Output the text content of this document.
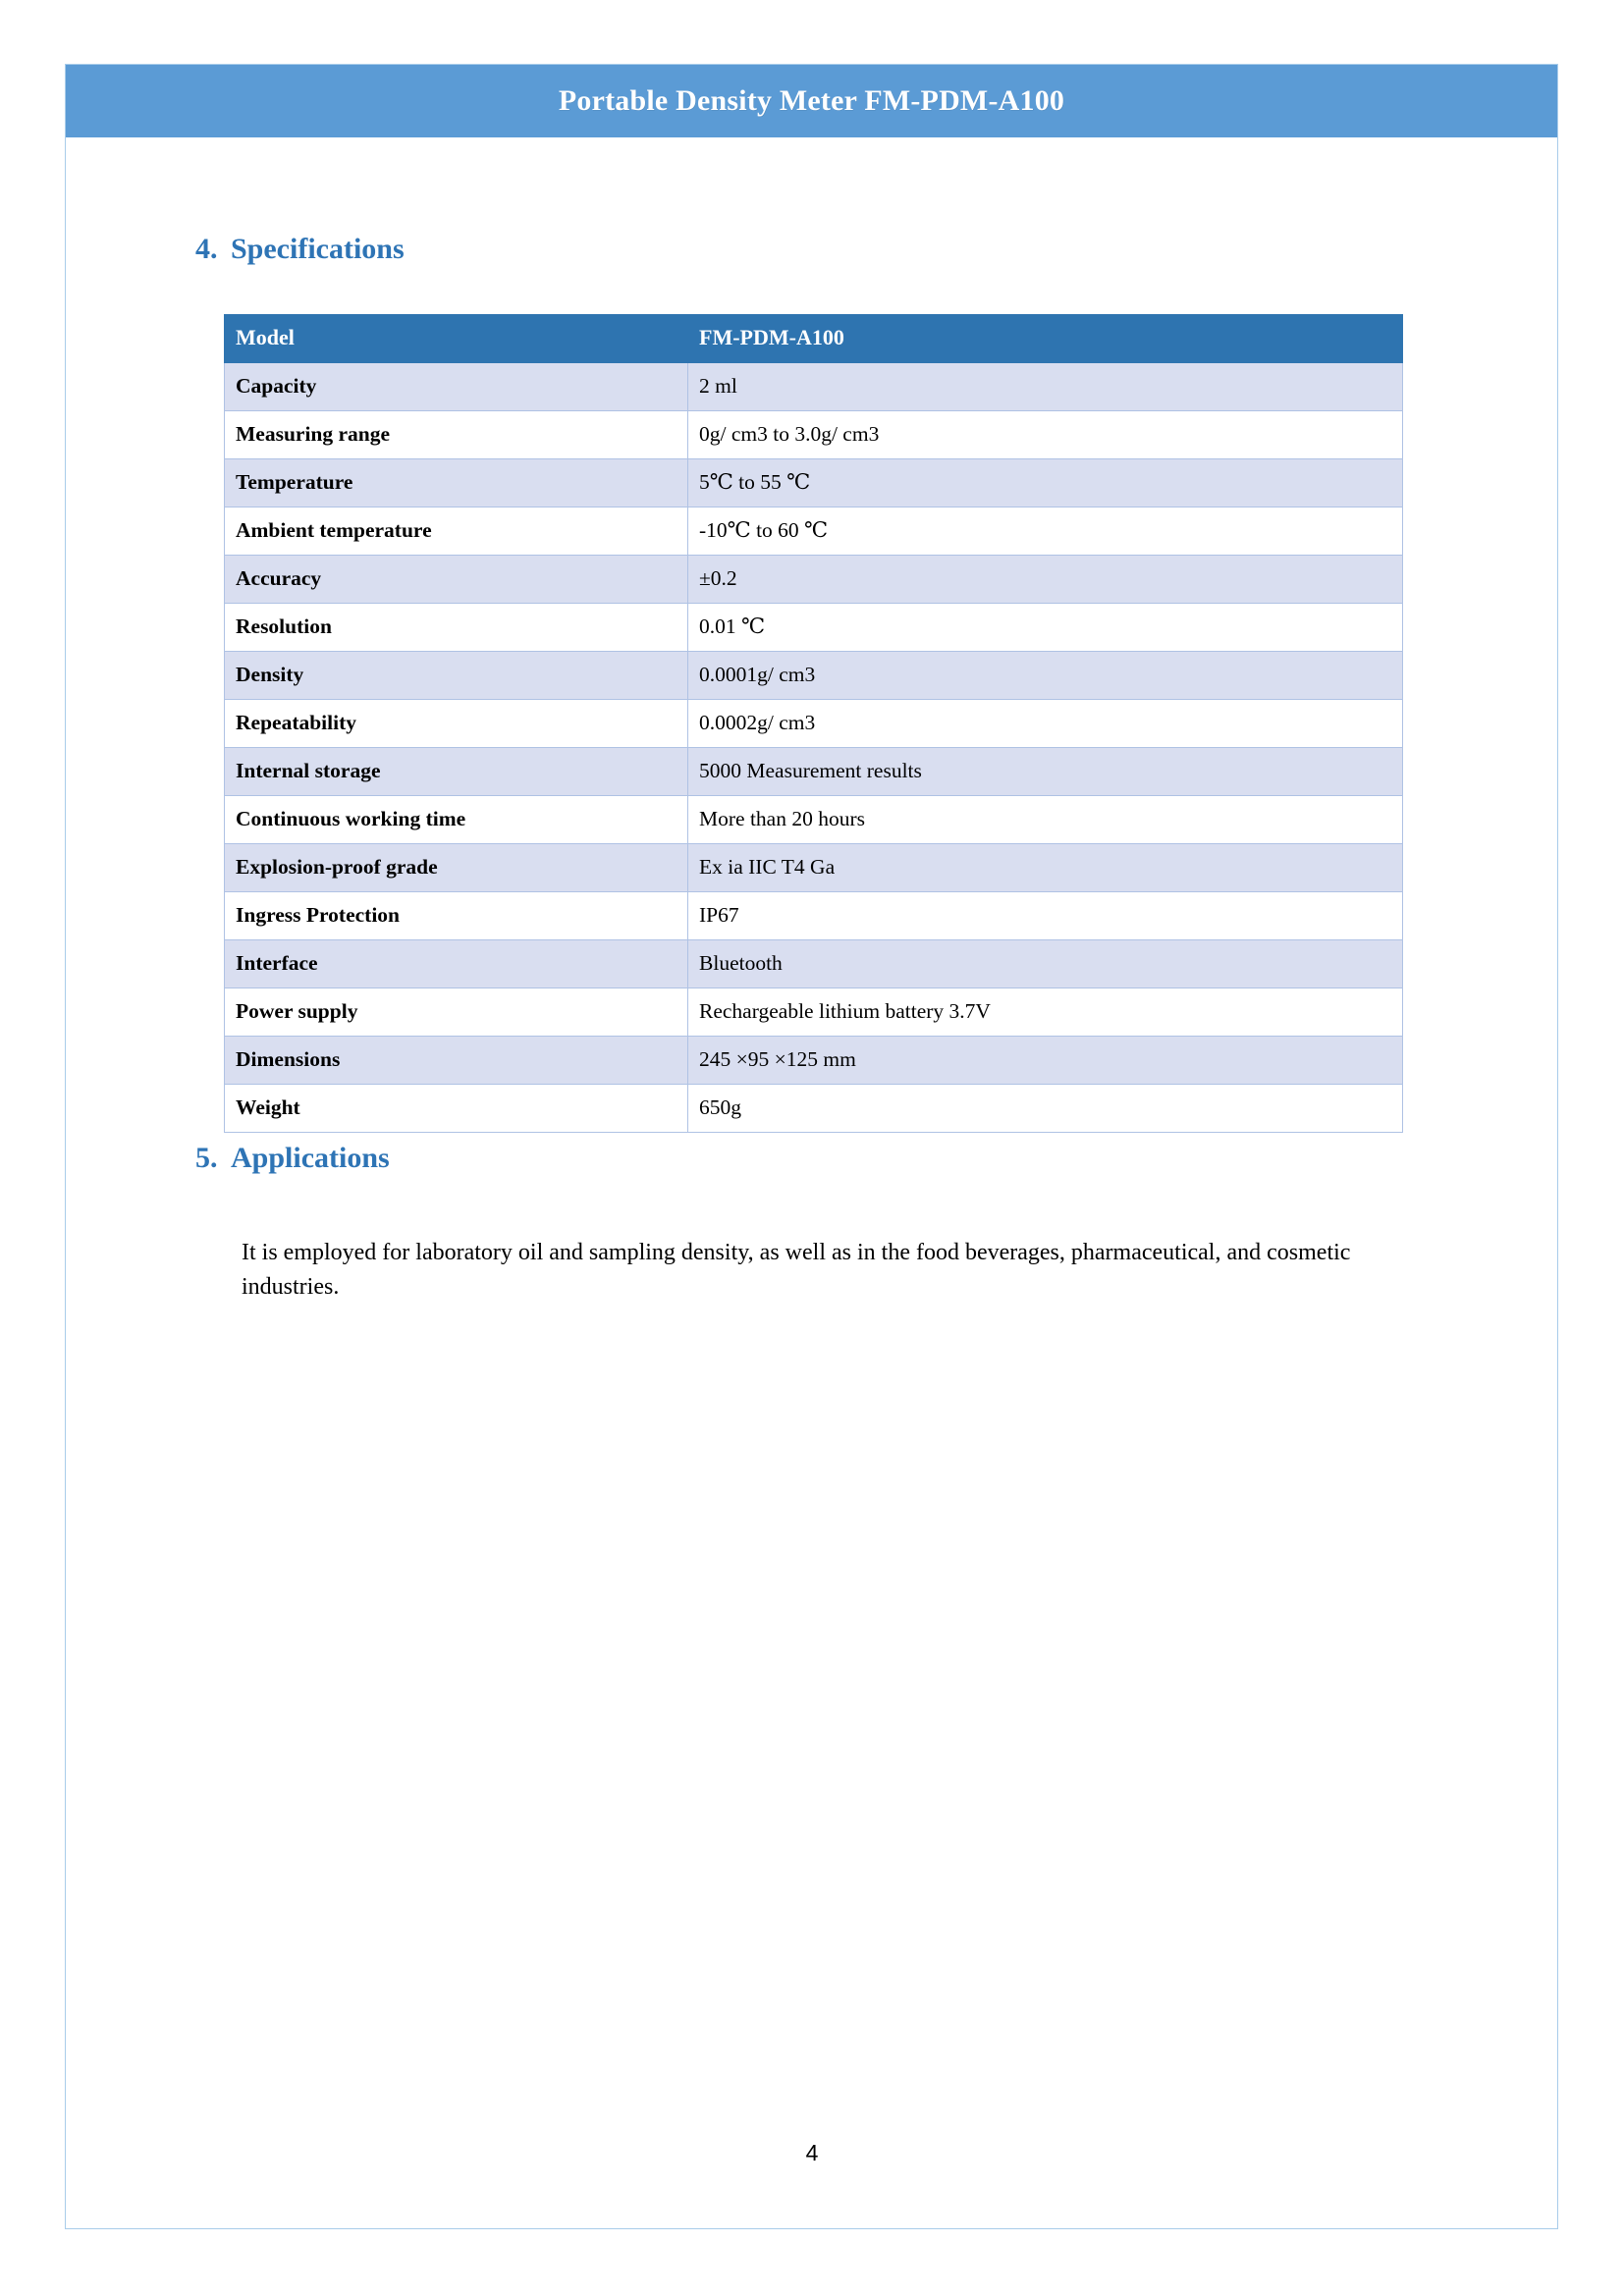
Portable Density Meter FM-PDM-A100
4. Specifications
Model	FM-PDM-A100
Capacity	2 ml
Measuring range	0g/ cm3 to 3.0g/ cm3
Temperature	5℃ to 55 ℃
Ambient temperature	-10℃ to 60 ℃
Accuracy	±0.2
Resolution	0.01 ℃
Density	0.0001g/ cm3
Repeatability	0.0002g/ cm3
Internal storage	5000 Measurement results
Continuous working time	More than 20 hours
Explosion-proof grade	Ex ia IIC T4 Ga
Ingress Protection	IP67
Interface	Bluetooth
Power supply	Rechargeable lithium battery 3.7V
Dimensions	245 ×95 ×125 mm
Weight	650g
5. Applications

It is employed for laboratory oil and sampling density, as well as in the food beverages, pharmaceutical, and cosmetic industries.

4
